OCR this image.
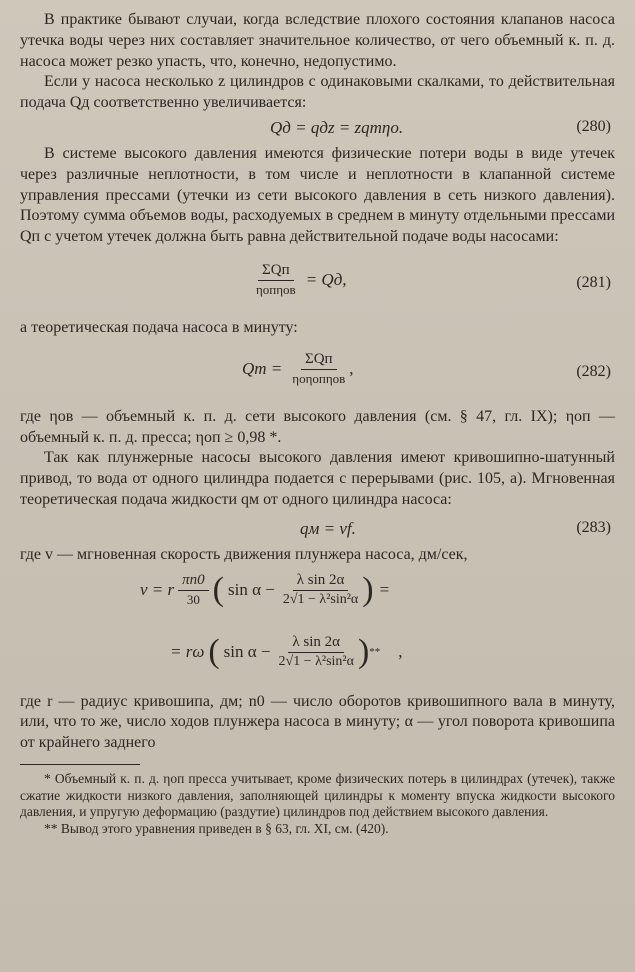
В практике бывают случаи, когда вследствие плохого состояния клапанов насоса утечка воды через них составляет значительное количество, от чего объемный к. п. д. насоса может резко упасть, что, конечно, недопустимо.

Если у насоса несколько z цилиндров с одинаковыми скалками, то действительная подача Qд соответственно увеличивается:

Qд = qдz = zqтηо.	(280)

В системе высокого давления имеются физические потери воды в виде утечек через различные неплотности, в том числе и неплотности в клапанной системе управления прессами (утечки из сети высокого давления в сеть низкого давления). Поэтому сумма объемов воды, расходуемых в среднем в минуту отдельными прессами Qп с учетом утечек должна быть равна действительной подаче воды насосами:

$\frac{\text{ΣQп}}{\text{ηопηов}}$ = Qд,	(281)

а теоретическая подача насоса в минуту:

Qт = $\frac{\text{ΣQп}}{\text{ηоηопηов}}$ ,	(282)

где ηов — объемный к. п. д. сети высокого давления (см. § 47, гл. IX); ηоп — объемный к. п. д. пресса; ηоп ≥ 0,98 *.

Так как плунжерные насосы высокого давления имеют кривошипно-шатунный привод, то вода от одного цилиндра подается с перерывами (рис. 105, а). Мгновенная теоретическая подача жидкости qм от одного цилиндра насоса:

qм = vf.	(283)

где v — мгновенная скорость движения плунжера насоса, дм/сек,

v = r $\frac{\pi n0}{30}$ ( $\sin \alpha - \frac{\text{λ sin 2α}}{\text{2√1 − λ²sin²α}}$ ) =
= rω ( $\sin \alpha - \frac{\text{λ sin 2α}}{\text{2√1 − λ²sin²α}}$ ) ** ,

где r — радиус кривошипа, дм; n0 — число оборотов кривошипного вала в минуту, или, что то же, число ходов плунжера насоса в минуту; α — угол поворота кривошипа от крайнего заднего

* Объемный к. п. д. ηоп пресса учитывает, кроме физических потерь в цилиндрах (утечек), также сжатие жидкости низкого давления, заполняющей цилиндры к моменту впуска жидкости высокого давления, и упругую деформацию (раздутие) цилиндров под действием высокого давления.

** Вывод этого уравнения приведен в § 63, гл. XI, см. (420).
